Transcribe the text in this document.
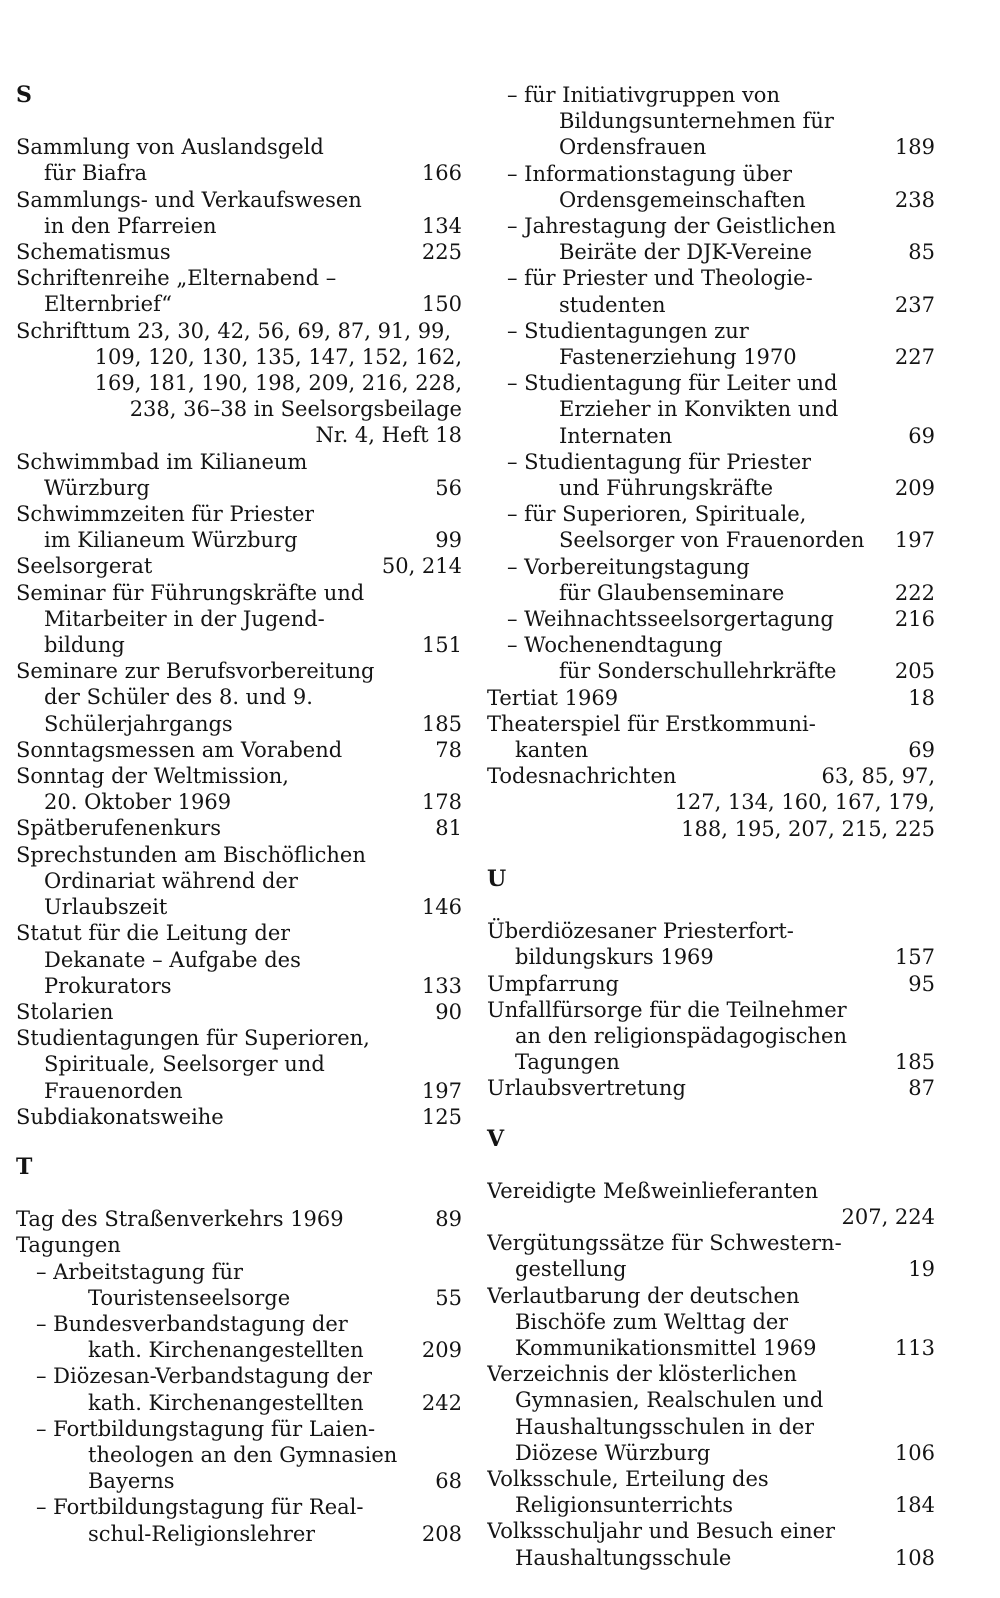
S
Sammlung von Auslandsgeld
für Biafra	166
Sammlungs- und Verkaufswesen
in den Pfarreien	134
Schematismus	225
Schriftenreihe „Elternabend –
Elternbrief“	150
Schrifttum 23, 30, 42, 56, 69, 87, 91, 99,
109, 120, 130, 135, 147, 152, 162,
169, 181, 190, 198, 209, 216, 228,
238, 36–38 in Seelsorgsbeilage
Nr. 4, Heft 18
Schwimmbad im Kilianeum
Würzburg	56
Schwimmzeiten für Priester
im Kilianeum Würzburg	99
Seelsorgerat	50, 214
Seminar für Führungskräfte und
Mitarbeiter in der Jugend-
bildung	151
Seminare zur Berufsvorbereitung
der Schüler des 8. und 9.
Schülerjahrgangs	185
Sonntagsmessen am Vorabend	78
Sonntag der Weltmission,
20. Oktober 1969	178
Spätberufenenkurs	81
Sprechstunden am Bischöflichen
Ordinariat während der
Urlaubszeit	146
Statut für die Leitung der
Dekanate – Aufgabe des
Prokurators	133
Stolarien	90
Studientagungen für Superioren,
Spirituale, Seelsorger und
Frauenorden	197
Subdiakonatsweihe	125
T
Tag des Straßenverkehrs 1969	89
Tagungen
– Arbeitstagung für
Touristenseelsorge	55
– Bundesverbandstagung der
kath. Kirchenangestellten	209
– Diözesan-Verbandstagung der
kath. Kirchenangestellten	242
– Fortbildungstagung für Laien-
theologen an den Gymnasien
Bayerns	68
– Fortbildungstagung für Real-
schul-Religionslehrer	208
– für Initiativgruppen von
Bildungsunternehmen für
Ordensfrauen	189
– Informationstagung über
Ordensgemeinschaften	238
– Jahrestagung der Geistlichen
Beiräte der DJK-Vereine	85
– für Priester und Theologie-
studenten	237
– Studientagungen zur
Fastenerziehung 1970	227
– Studientagung für Leiter und
Erzieher in Konvikten und
Internaten	69
– Studientagung für Priester
und Führungskräfte	209
– für Superioren, Spirituale,
Seelsorger von Frauenorden	197
– Vorbereitungstagung
für Glaubenseminare	222
– Weihnachtsseelsorgertagung	216
– Wochenendtagung
für Sonderschullehrkräfte	205
Tertiat 1969	18
Theaterspiel für Erstkommuni-
kanten	69
Todesnachrichten	63, 85, 97,
127, 134, 160, 167, 179,
188, 195, 207, 215, 225
U
Überdiözesaner Priesterfort-
bildungskurs 1969	157
Umpfarrung	95
Unfallfürsorge für die Teilnehmer
an den religionspädagogischen
Tagungen	185
Urlaubsvertretung	87
V
Vereidigte Meßweinlieferanten
207, 224
Vergütungssätze für Schwestern-
gestellung	19
Verlautbarung der deutschen
Bischöfe zum Welttag der
Kommunikationsmittel 1969	113
Verzeichnis der klösterlichen
Gymnasien, Realschulen und
Haushaltungsschulen in der
Diözese Würzburg	106
Volksschule, Erteilung des
Religionsunterrichts	184
Volksschuljahr und Besuch einer
Haushaltungsschule	108
